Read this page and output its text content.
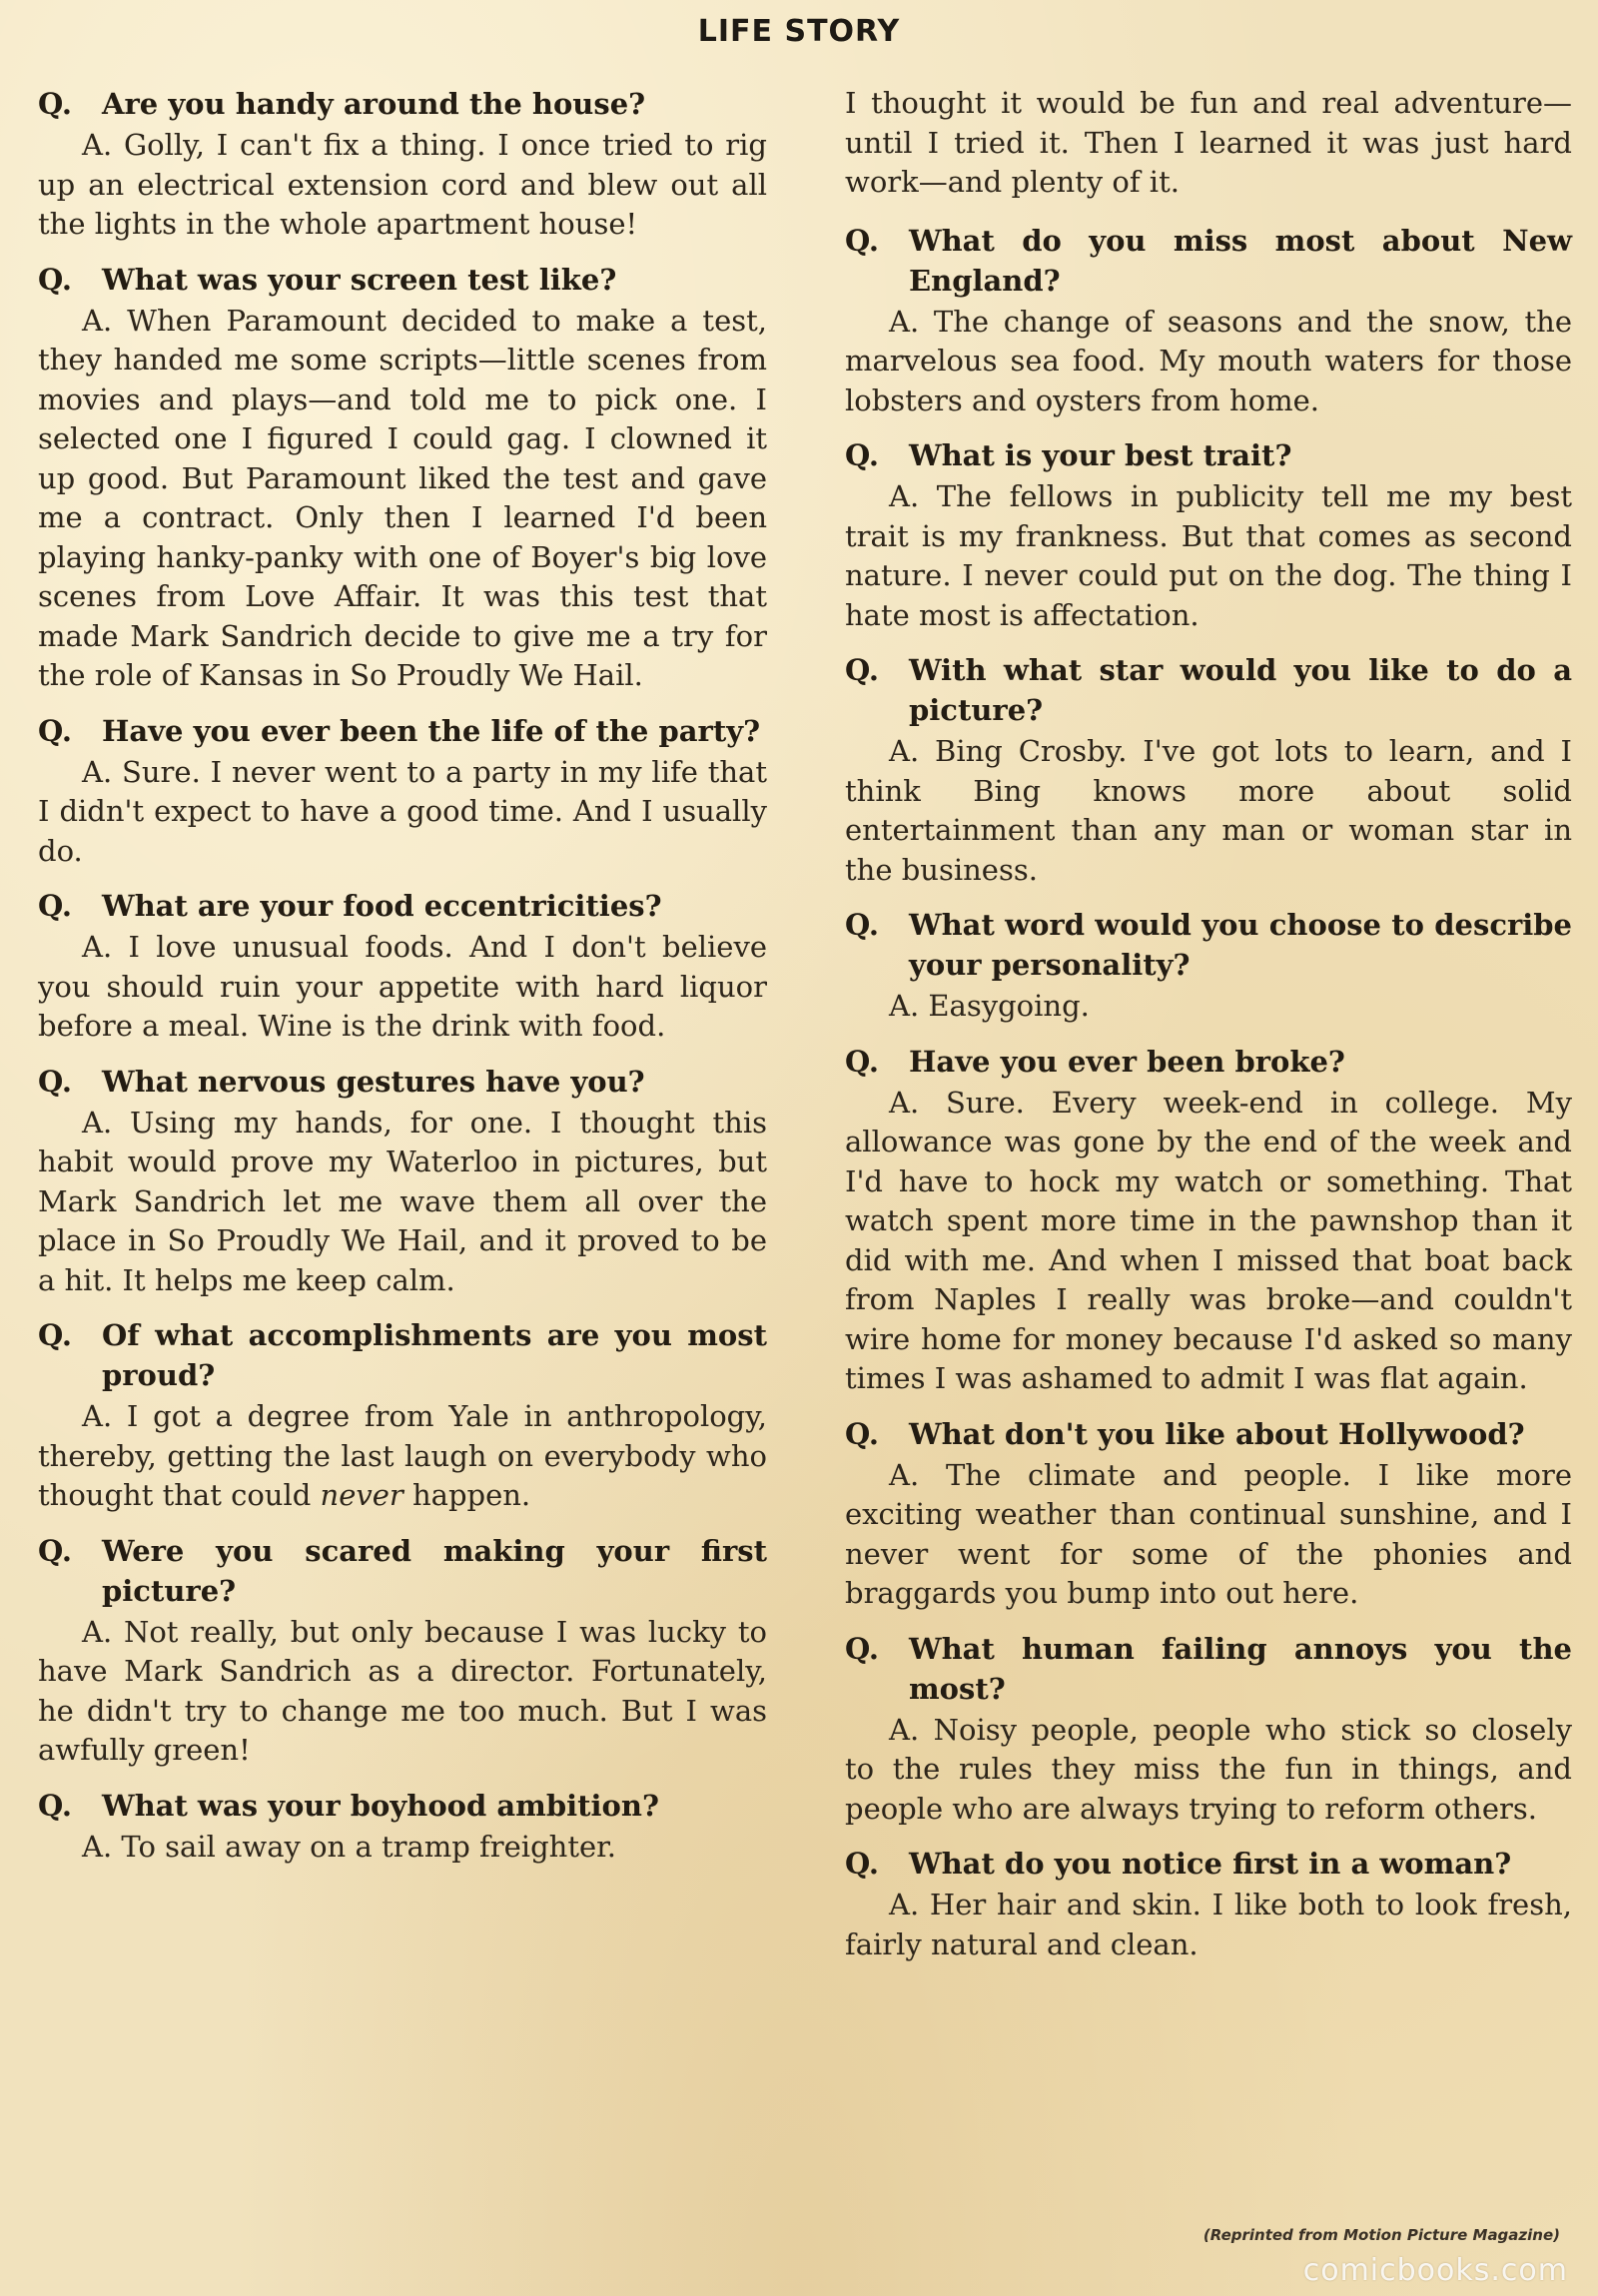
LIFE STORY

Q. Are you handy around the house?

A. Golly, I can't fix a thing. I once tried to rig up an electrical extension cord and blew out all the lights in the whole apartment house!

Q. What was your screen test like?

A. When Paramount decided to make a test, they handed me some scripts—little scenes from movies and plays—and told me to pick one. I selected one I figured I could gag. I clowned it up good. But Paramount liked the test and gave me a contract. Only then I learned I'd been playing hanky-panky with one of Boyer's big love scenes from Love Affair. It was this test that made Mark Sandrich decide to give me a try for the role of Kansas in So Proudly We Hail.

Q. Have you ever been the life of the party?

A. Sure. I never went to a party in my life that I didn't expect to have a good time. And I usually do.

Q. What are your food eccentricities?

A. I love unusual foods. And I don't believe you should ruin your appetite with hard liquor before a meal. Wine is the drink with food.

Q. What nervous gestures have you?

A. Using my hands, for one. I thought this habit would prove my Waterloo in pictures, but Mark Sandrich let me wave them all over the place in So Proudly We Hail, and it proved to be a hit. It helps me keep calm.

Q. Of what accomplishments are you most proud?

A. I got a degree from Yale in anthropology, thereby, getting the last laugh on everybody who thought that could never happen.

Q. Were you scared making your first picture?

A. Not really, but only because I was lucky to have Mark Sandrich as a director. Fortunately, he didn't try to change me too much. But I was awfully green!

Q. What was your boyhood ambition?

A. To sail away on a tramp freighter.

I thought it would be fun and real adventure—until I tried it. Then I learned it was just hard work—and plenty of it.

Q. What do you miss most about New England?

A. The change of seasons and the snow, the marvelous sea food. My mouth waters for those lobsters and oysters from home.

Q. What is your best trait?

A. The fellows in publicity tell me my best trait is my frankness. But that comes as second nature. I never could put on the dog. The thing I hate most is affectation.

Q. With what star would you like to do a picture?

A. Bing Crosby. I've got lots to learn, and I think Bing knows more about solid entertainment than any man or woman star in the business.

Q. What word would you choose to describe your personality?

A. Easygoing.

Q. Have you ever been broke?

A. Sure. Every week-end in college. My allowance was gone by the end of the week and I'd have to hock my watch or something. That watch spent more time in the pawnshop than it did with me. And when I missed that boat back from Naples I really was broke—and couldn't wire home for money because I'd asked so many times I was ashamed to admit I was flat again.

Q. What don't you like about Hollywood?

A. The climate and people. I like more exciting weather than continual sunshine, and I never went for some of the phonies and braggards you bump into out here.

Q. What human failing annoys you the most?

A. Noisy people, people who stick so closely to the rules they miss the fun in things, and people who are always trying to reform others.

Q. What do you notice first in a woman?

A. Her hair and skin. I like both to look fresh, fairly natural and clean.

(Reprinted from Motion Picture Magazine)
comicbooks.com
